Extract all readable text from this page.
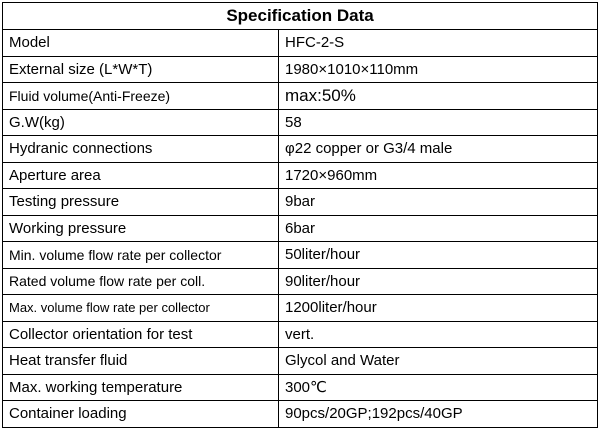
Specification Data	
Model	HFC-2-S
External size (L*W*T)	1980×1010×110mm
Fluid volume(Anti-Freeze)	max:50%
G.W(kg)	58
Hydranic connections	φ22 copper or G3/4 male
Aperture area	1720×960mm
Testing pressure	9bar
Working pressure	6bar
Min. volume flow rate per collector	50liter/hour
Rated volume flow rate per coll.	90liter/hour
Max. volume flow rate per collector	1200liter/hour
Collector orientation for test	vert.
Heat transfer fluid	Glycol and Water
Max. working temperature	300℃
Container loading	90pcs/20GP;192pcs/40GP
